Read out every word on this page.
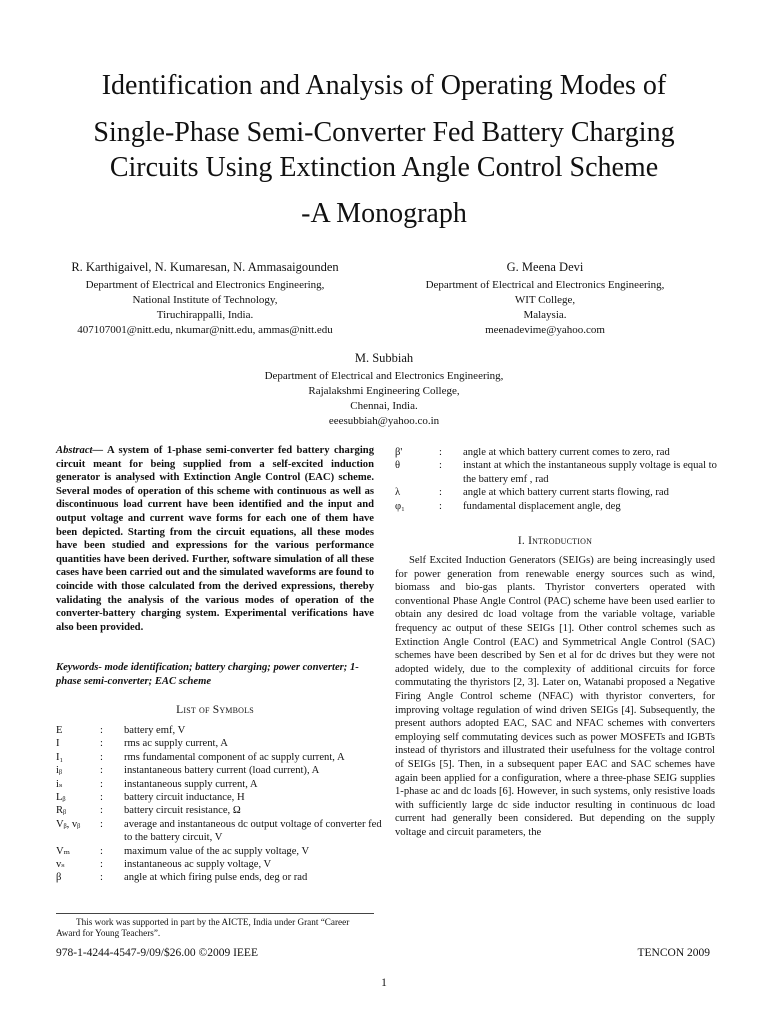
Identification and Analysis of Operating Modes of
Single-Phase Semi-Converter Fed Battery Charging
Circuits Using Extinction Angle Control Scheme
-A Monograph
R. Karthigaivel, N. Kumaresan, N. Ammasaigounden
Department of Electrical and Electronics Engineering,
National Institute of Technology,
Tiruchirappalli, India.
407107001@nitt.edu, nkumar@nitt.edu, ammas@nitt.edu
G. Meena Devi
Department of Electrical and Electronics Engineering,
WIT College,
Malaysia.
meenadevime@yahoo.com
M. Subbiah
Department of Electrical and Electronics Engineering,
Rajalakshmi Engineering College,
Chennai, India.
eeesubbiah@yahoo.co.in
Abstract— A system of 1-phase semi-converter fed battery charging circuit meant for being supplied from a self-excited induction generator is analysed with Extinction Angle Control (EAC) scheme. Several modes of operation of this scheme with continuous as well as discontinuous load current have been identified and the input and output voltage and current wave forms for each one of them have been depicted. Starting from the circuit equations, all these modes have been studied and expressions for the various performance quantities have been derived. Further, software simulation of all these cases have been carried out and the simulated waveforms are found to coincide with those calculated from the derived expressions, thereby validating the analysis of the various modes of operation of the converter-battery charging system. Experimental verifications have also been provided.
Keywords- mode identification; battery charging; power converter; 1-phase semi-converter; EAC scheme
List of Symbols
E	:	battery emf, V
I	:	rms ac supply current, A
I₁	:	rms fundamental component of ac supply current, A
iᵦ	:	instantaneous battery current (load current), A
iₛ	:	instantaneous supply current, A
Lᵦ	:	battery circuit inductance, H
Rᵦ	:	battery circuit resistance, Ω
Vᵦ, vᵦ	:	average and instantaneous dc output voltage of converter fed to the battery circuit, V
Vₘ	:	maximum value of the ac supply voltage, V
vₛ	:	instantaneous ac supply voltage, V
β	:	angle at which firing pulse ends, deg or rad
β'	:	angle at which battery current comes to zero, rad
θ	:	instant at which the instantaneous supply voltage is equal to the battery emf , rad
λ	:	angle at which battery current starts flowing, rad
φ₁	:	fundamental displacement angle, deg
I. Introduction

Self Excited Induction Generators (SEIGs) are being increasingly used for power generation from renewable energy sources such as wind, biomass and bio-gas plants. Thyristor converters operated with conventional Phase Angle Control (PAC) scheme have been used earlier to obtain any desired dc load voltage from the variable voltage, variable frequency ac output of these SEIGs [1]. Other control schemes such as Extinction Angle Control (EAC) and Symmetrical Angle Control (SAC) schemes have been described by Sen et al for dc drives but they were not adopted widely, due to the complexity of additional circuits for force commutating the thyristors [2, 3]. Later on, Watanabi proposed a Negative Firing Angle Control scheme (NFAC) with thyristor converters, for improving voltage regulation of wind driven SEIGs [4]. Subsequently, the present authors adopted EAC, SAC and NFAC schemes with converters employing self commutating devices such as power MOSFETs and IGBTs instead of thyristors and illustrated their usefulness for the voltage control of SEIGs [5]. Then, in a subsequent paper EAC and SAC schemes have again been applied for a configuration, where a three-phase SEIG supplies 1-phase ac and dc loads [6]. However, in such systems, only resistive loads with sufficiently large dc side inductor resulting in continuous dc load current had generally been considered. But depending on the supply voltage and circuit parameters, the

This work was supported in part by the AICTE, India under Grant “Career Award for Young Teachers”.
978-1-4244-4547-9/09/$26.00 ©2009 IEEE	TENCON 2009
1
